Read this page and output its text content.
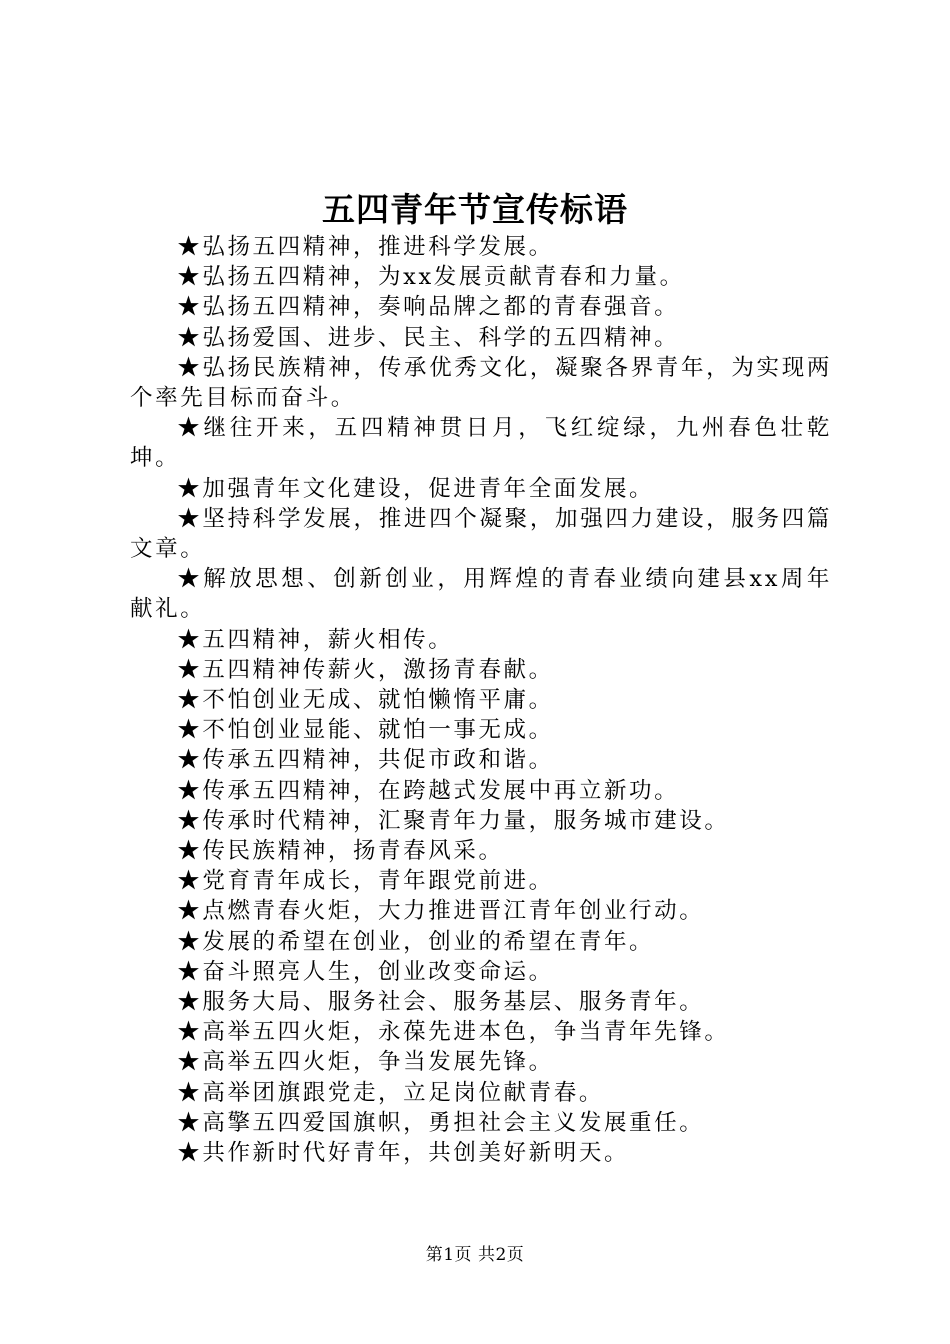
五四青年节宣传标语

★弘扬五四精神，推进科学发展。

★弘扬五四精神，为xx发展贡献青春和力量。

★弘扬五四精神，奏响品牌之都的青春强音。

★弘扬爱国、进步、民主、科学的五四精神。

★弘扬民族精神，传承优秀文化，凝聚各界青年，为实现两个率先目标而奋斗。

★继往开来，五四精神贯日月，飞红绽绿，九州春色壮乾坤。

★加强青年文化建设，促进青年全面发展。

★坚持科学发展，推进四个凝聚，加强四力建设，服务四篇文章。

★解放思想、创新创业，用辉煌的青春业绩向建县xx周年献礼。

★五四精神，薪火相传。

★五四精神传薪火，激扬青春献。

★不怕创业无成、就怕懒惰平庸。

★不怕创业显能、就怕一事无成。

★传承五四精神，共促市政和谐。

★传承五四精神，在跨越式发展中再立新功。

★传承时代精神，汇聚青年力量，服务城市建设。

★传民族精神，扬青春风采。

★党育青年成长，青年跟党前进。

★点燃青春火炬，大力推进晋江青年创业行动。

★发展的希望在创业，创业的希望在青年。

★奋斗照亮人生，创业改变命运。

★服务大局、服务社会、服务基层、服务青年。

★高举五四火炬，永葆先进本色，争当青年先锋。

★高举五四火炬，争当发展先锋。

★高举团旗跟党走，立足岗位献青春。

★高擎五四爱国旗帜，勇担社会主义发展重任。

★共作新时代好青年，共创美好新明天。

第1页 共2页
